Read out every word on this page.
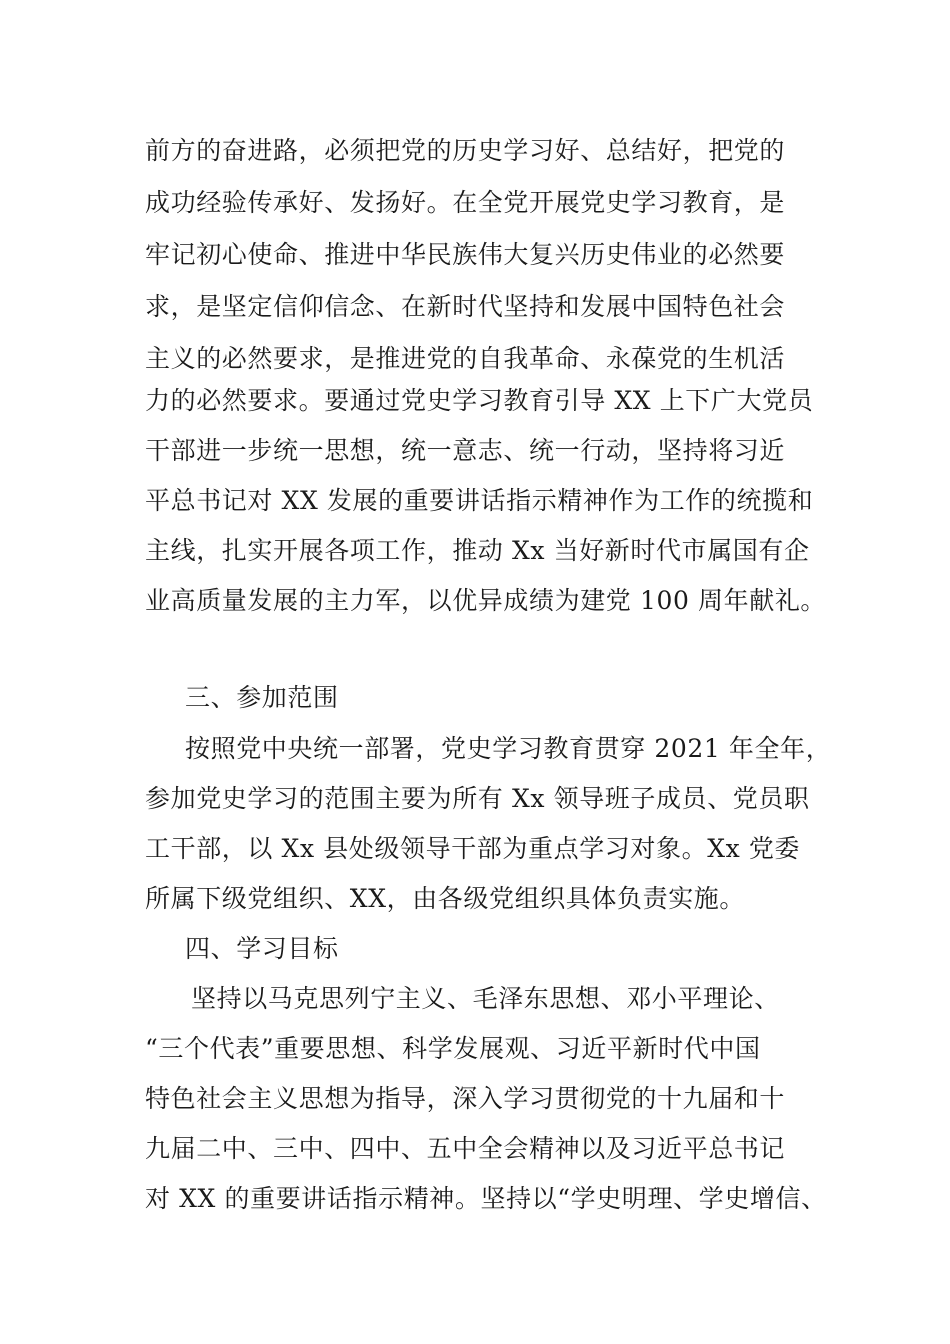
前方的奋进路，必须把党的历史学习好、总结好，把党的
成功经验传承好、发扬好。在全党开展党史学习教育，是
牢记初心使命、推进中华民族伟大复兴历史伟业的必然要
求，是坚定信仰信念、在新时代坚持和发展中国特色社会
主义的必然要求，是推进党的自我革命、永葆党的生机活
力的必然要求。要通过党史学习教育引导 XX 上下广大党员
干部进一步统一思想，统一意志、统一行动，坚持将习近
平总书记对 XX 发展的重要讲话指示精神作为工作的统揽和
主线，扎实开展各项工作，推动 Xx 当好新时代市属国有企
业高质量发展的主力军，以优异成绩为建党 100 周年献礼。
三、参加范围
按照党中央统一部署，党史学习教育贯穿 2021 年全年，
参加党史学习的范围主要为所有 Xx 领导班子成员、党员职
工干部，以 Xx 县处级领导干部为重点学习对象。Xx 党委
所属下级党组织、XX，由各级党组织具体负责实施。
四、学习目标
坚持以马克思列宁主义、毛泽东思想、邓小平理论、
“三个代表”重要思想、科学发展观、习近平新时代中国
特色社会主义思想为指导，深入学习贯彻党的十九届和十
九届二中、三中、四中、五中全会精神以及习近平总书记
对 XX 的重要讲话指示精神。坚持以“学史明理、学史增信、
